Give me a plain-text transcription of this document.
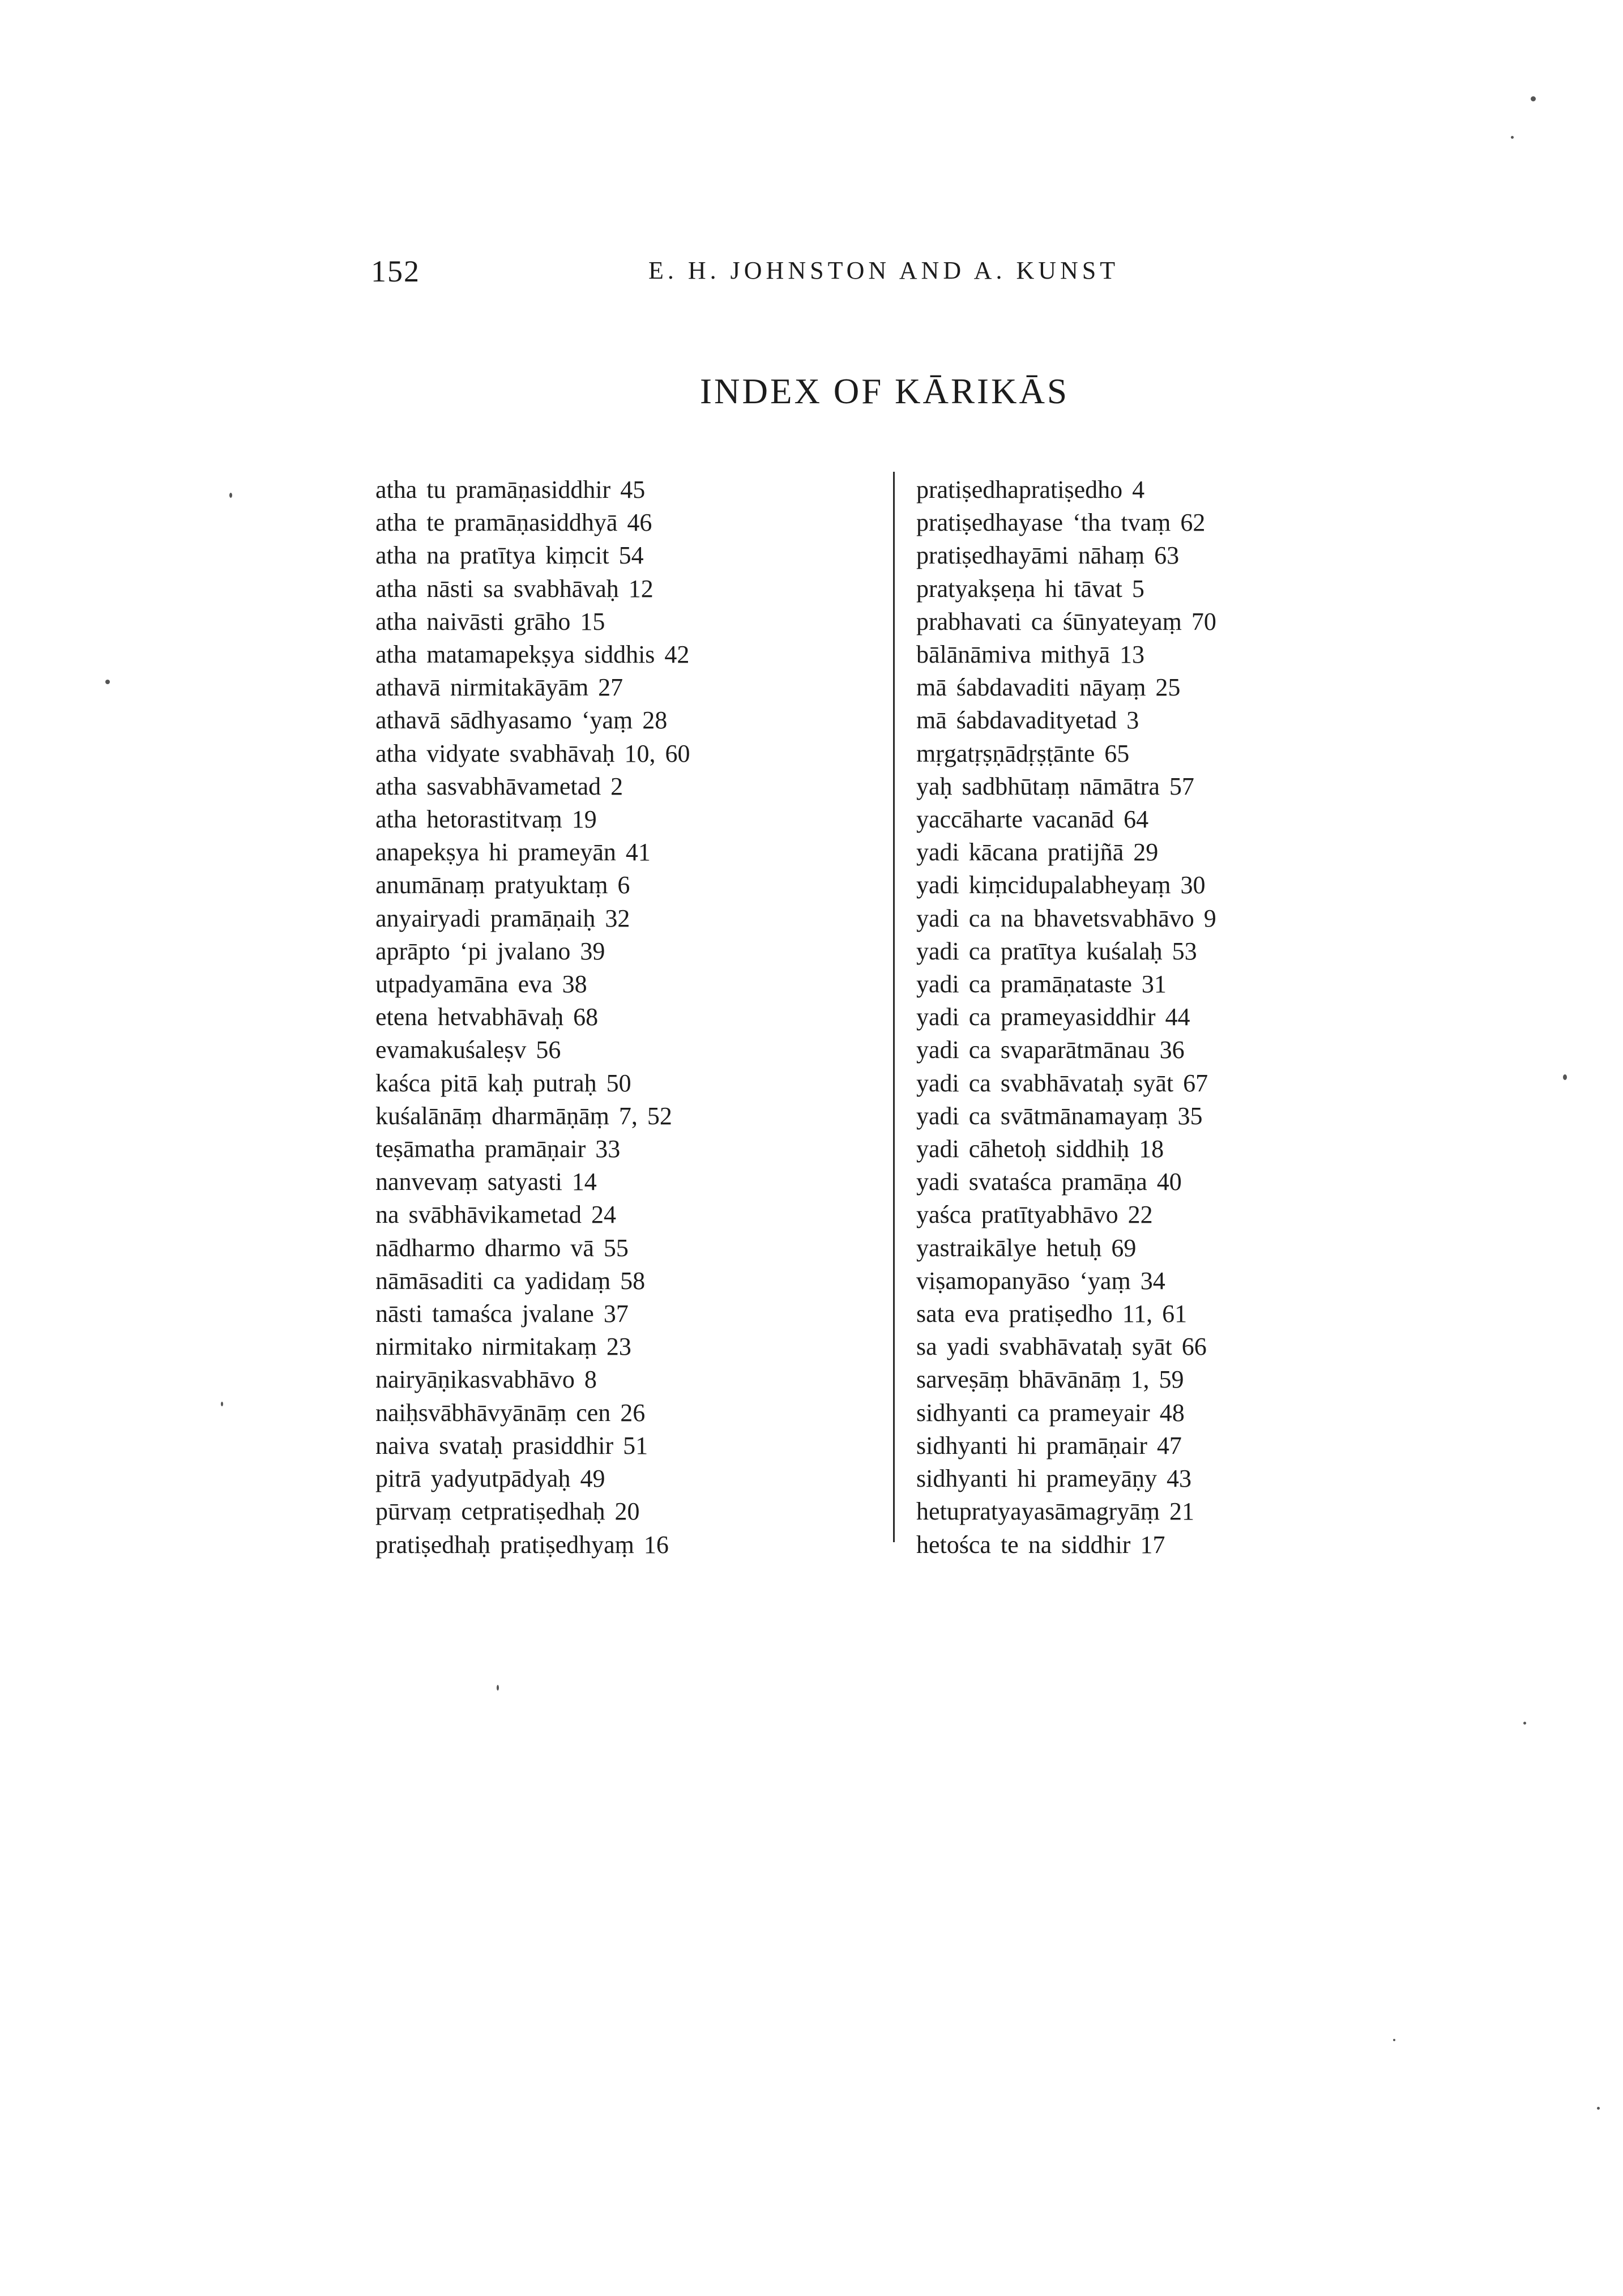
152	E. H. JOHNSTON AND A. KUNST
INDEX OF KĀRIKĀS
atha tu pramāṇasiddhir 45
atha te pramāṇasiddhyā 46
atha na pratītya kiṃcit 54
atha nāsti sa svabhāvaḥ 12
atha naivāsti grāho 15
atha matamapekṣya siddhis 42
athavā nirmitakāyām 27
athavā sādhyasamo ʻyaṃ 28
atha vidyate svabhāvaḥ 10, 60
atha sasvabhāvametad 2
atha hetorastitvaṃ 19
anapekṣya hi prameyān 41
anumānaṃ pratyuktaṃ 6
anyairyadi pramāṇaiḥ 32
aprāpto ʻpi jvalano 39
utpadyamāna eva 38
etena hetvabhāvaḥ 68
evamakuśaleṣv 56
kaśca pitā kaḥ putraḥ 50
kuśalānāṃ dharmāṇāṃ 7, 52
teṣāmatha pramāṇair 33
nanvevaṃ satyasti 14
na svābhāvikametad 24
nādharmo dharmo vā 55
nāmāsaditi ca yadidaṃ 58
nāsti tamaśca jvalane 37
nirmitako nirmitakaṃ 23
nairyāṇikasvabhāvo 8
naiḥsvābhāvyānāṃ cen 26
naiva svataḥ prasiddhir 51
pitrā yadyutpādyaḥ 49
pūrvaṃ cetpratiṣedhaḥ 20
pratiṣedhaḥ pratiṣedhyaṃ 16
pratiṣedhapratiṣedho 4
pratiṣedhayase ʻtha tvaṃ 62
pratiṣedhayāmi nāhaṃ 63
pratyakṣeṇa hi tāvat 5
prabhavati ca śūnyateyaṃ 70
bālānāmiva mithyā 13
mā śabdavaditi nāyaṃ 25
mā śabdavadityetad 3
mṛgatṛṣṇādṛṣṭānte 65
yaḥ sadbhūtaṃ nāmātra 57
yaccāharte vacanād 64
yadi kācana pratijñā 29
yadi kiṃcidupalabheyaṃ 30
yadi ca na bhavetsvabhāvo 9
yadi ca pratītya kuśalaḥ 53
yadi ca pramāṇataste 31
yadi ca prameyasiddhir 44
yadi ca svaparātmānau 36
yadi ca svabhāvataḥ syāt 67
yadi ca svātmānamayaṃ 35
yadi cāhetoḥ siddhiḥ 18
yadi svataśca pramāṇa 40
yaśca pratītyabhāvo 22
yastraikālye hetuḥ 69
viṣamopanyāso ʻyaṃ 34
sata eva pratiṣedho 11, 61
sa yadi svabhāvataḥ syāt 66
sarveṣāṃ bhāvānāṃ 1, 59
sidhyanti ca prameyair 48
sidhyanti hi pramāṇair 47
sidhyanti hi prameyāṇy 43
hetupratyayasāmagryāṃ 21
hetośca te na siddhir 17
